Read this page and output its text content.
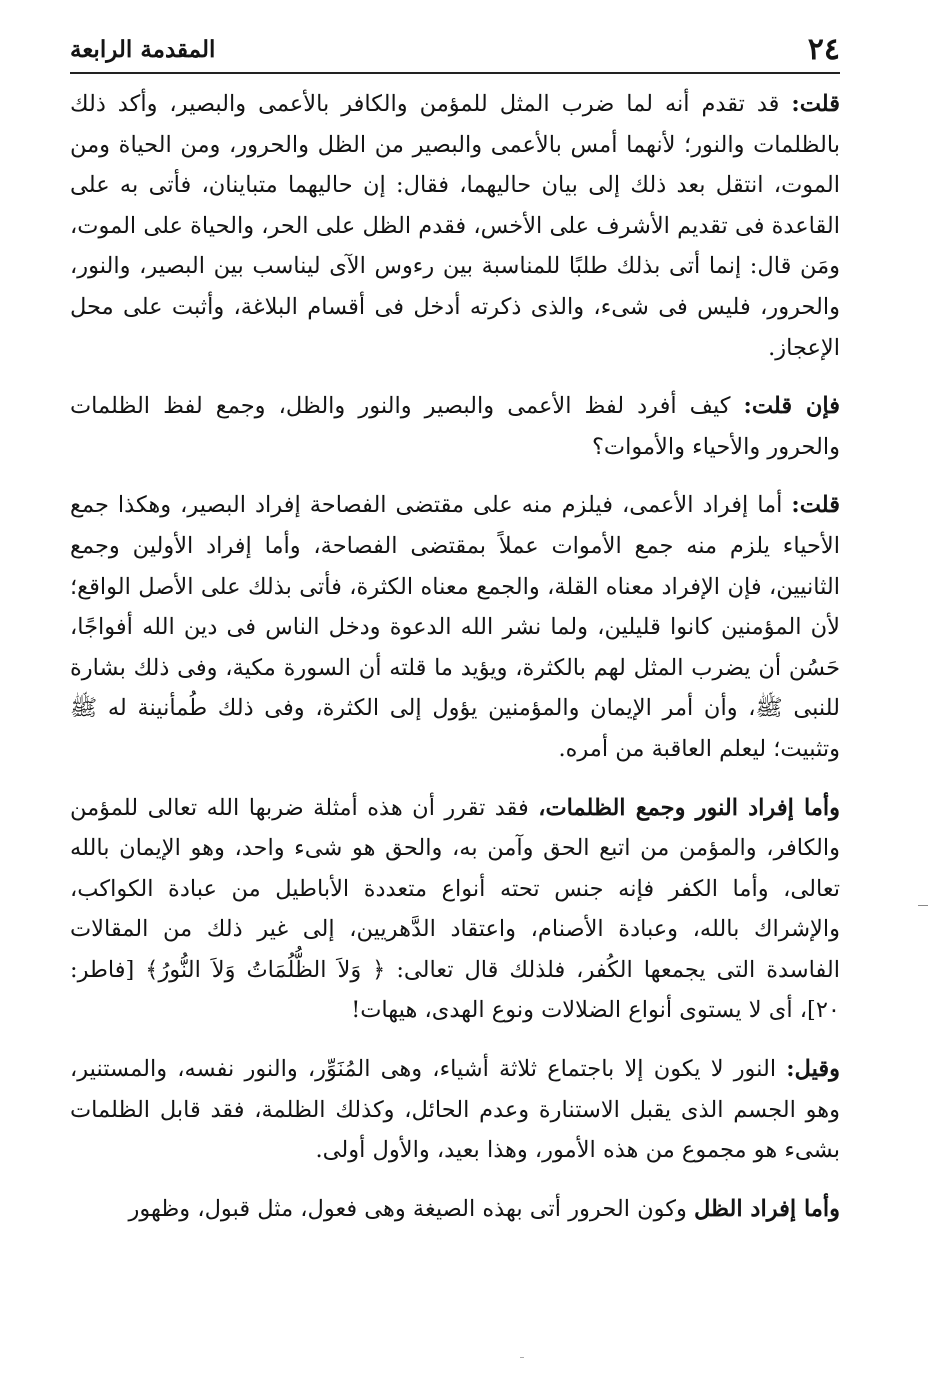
٢٤
المقدمة الرابعة

قلت: قد تقدم أنه لما ضرب المثل للمؤمن والكافر بالأعمى والبصير، وأكد ذلك بالظلمات والنور؛ لأنهما أمس بالأعمى والبصير من الظل والحرور، ومن الحياة ومن الموت، انتقل بعد ذلك إلى بيان حاليهما، فقال: إن حاليهما متباينان، فأتى به على القاعدة فى تقديم الأشرف على الأخس، فقدم الظل على الحر، والحياة على الموت، ومَن قال: إنما أتى بذلك طلبًا للمناسبة بين رءوس الآى ليناسب بين البصير، والنور، والحرور، فليس فى شىء، والذى ذكرته أدخل فى أقسام البلاغة، وأثبت على محل الإعجاز.

فإن قلت: كيف أفرد لفظ الأعمى والبصير والنور والظل، وجمع لفظ الظلمات والحرور والأحياء والأموات؟

قلت: أما إفراد الأعمى، فيلزم منه على مقتضى الفصاحة إفراد البصير، وهكذا جمع الأحياء يلزم منه جمع الأموات عملاً بمقتضى الفصاحة، وأما إفراد الأولين وجمع الثانيين، فإن الإفراد معناه القلة، والجمع معناه الكثرة، فأتى بذلك على الأصل الواقع؛ لأن المؤمنين كانوا قليلين، ولما نشر الله الدعوة ودخل الناس فى دين الله أفواجًا، حَسُن أن يضرب المثل لهم بالكثرة، ويؤيد ما قلته أن السورة مكية، وفى ذلك بشارة للنبى ﷺ، وأن أمر الإيمان والمؤمنين يؤول إلى الكثرة، وفى ذلك طُمأنينة له ﷺ وتثبيت؛ ليعلم العاقبة من أمره.

وأما إفراد النور وجمع الظلمات، فقد تقرر أن هذه أمثلة ضربها الله تعالى للمؤمن والكافر، والمؤمن من اتبع الحق وآمن به، والحق هو شىء واحد، وهو الإيمان بالله تعالى، وأما الكفر فإنه جنس تحته أنواع متعددة الأباطيل من عبادة الكواكب، والإشراك بالله، وعبادة الأصنام، واعتقاد الدَّهريين، إلى غير ذلك من المقالات الفاسدة التى يجمعها الكُفر، فلذلك قال تعالى: ﴿ وَلاَ الظُّلُمَاتُ وَلاَ النُّورُ﴾ [فاطر: ٢٠]، أى لا يستوى أنواع الضلالات ونوع الهدى، هيهات!

وقيل: النور لا يكون إلا باجتماع ثلاثة أشياء، وهى المُنَوِّر، والنور نفسه، والمستنير، وهو الجسم الذى يقبل الاستنارة وعدم الحائل، وكذلك الظلمة، فقد قابل الظلمات بشىء هو مجموع من هذه الأمور، وهذا بعيد، والأول أولى.

وأما إفراد الظل وكون الحرور أتى بهذه الصيغة وهى فعول، مثل قبول، وظهور
